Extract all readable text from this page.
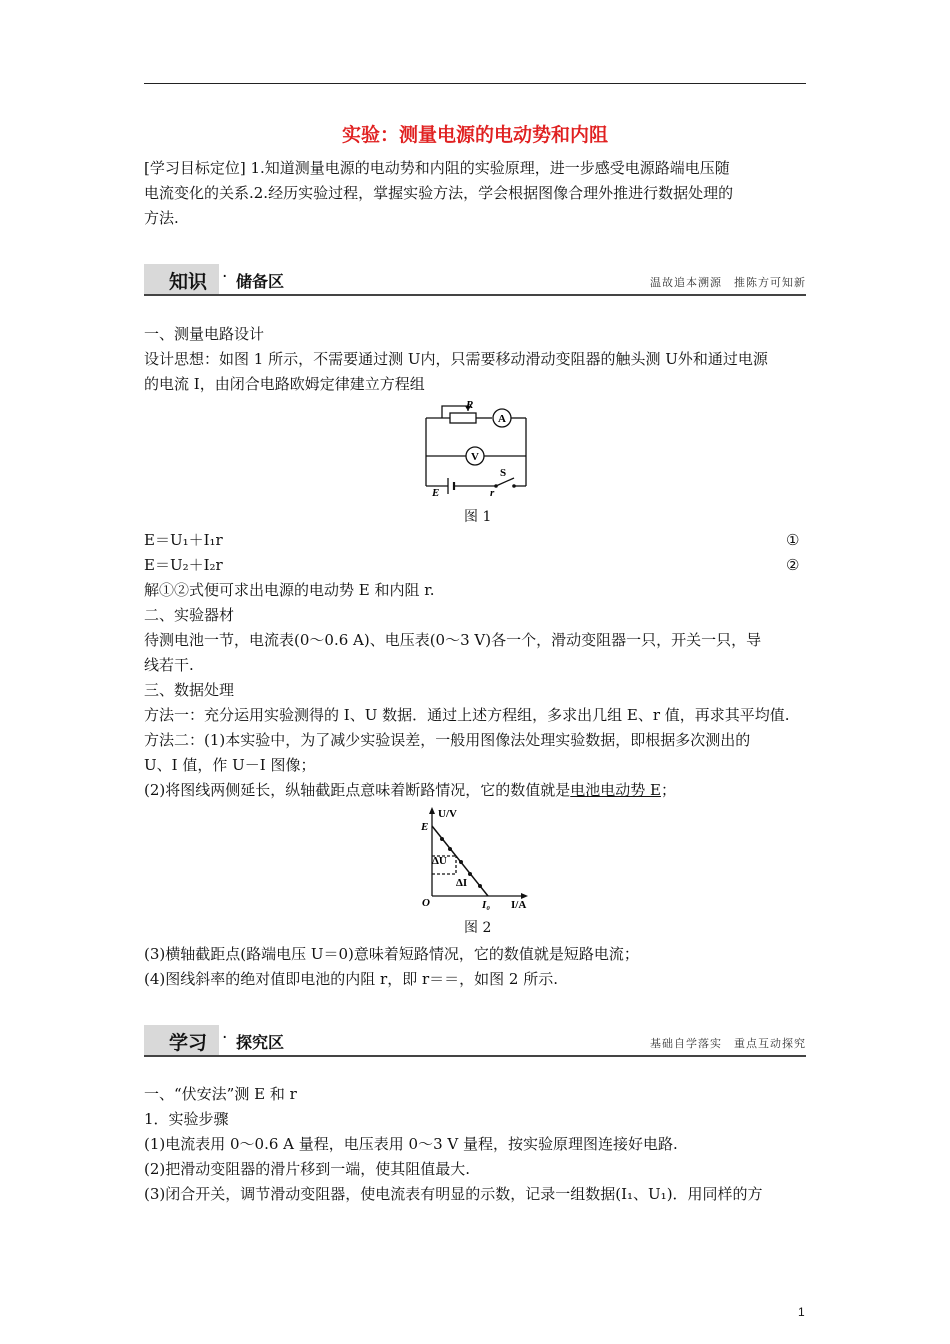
实验：测量电源的电动势和内阻
[学习目标定位] 1.知道测量电源的电动势和内阻的实验原理，进一步感受电源路端电压随
电流变化的关系.2.经历实验过程，掌握实验方法，学会根据图像合理外推进行数据处理的
方法.
知识 · 储备区	温故追本溯源　推陈方可知新
一、测量电路设计
设计思想：如图 1 所示，不需要通过测 U内，只需要移动滑动变阻器的触头测 U外和通过电源
的电流 I，由闭合电路欧姆定律建立方程组
R
A
V
S
E	r
图 1
E＝U₁＋I₁r	①
E＝U₂＋I₂r	②
解①②式便可求出电源的电动势 E 和内阻 r.
二、实验器材
待测电池一节，电流表(0～0.6 A)、电压表(0～3 V)各一个，滑动变阻器一只，开关一只，导
线若干.
三、数据处理
方法一：充分运用实验测得的 I、U 数据．通过上述方程组，多求出几组 E、r 值，再求其平均值.
方法二：(1)本实验中，为了减少实验误差，一般用图像法处理实验数据，即根据多次测出的
U、I 值，作 U－I 图像；
(2)将图线两侧延长，纵轴截距点意味着断路情况，它的数值就是电池电动势 E；
U/V
E
ΔU
ΔI
O	I₀ I/A
图 2
(3)横轴截距点(路端电压 U＝0)意味着短路情况，它的数值就是短路电流；
(4)图线斜率的绝对值即电池的内阻 r，即 r＝＝，如图 2 所示.
学习 · 探究区	基础自学落实　重点互动探究
一、“伏安法”测 E 和 r
1．实验步骤
(1)电流表用 0～0.6 A 量程，电压表用 0～3 V 量程，按实验原理图连接好电路.
(2)把滑动变阻器的滑片移到一端，使其阻值最大.
(3)闭合开关，调节滑动变阻器，使电流表有明显的示数，记录一组数据(I₁、U₁)．用同样的方
1
